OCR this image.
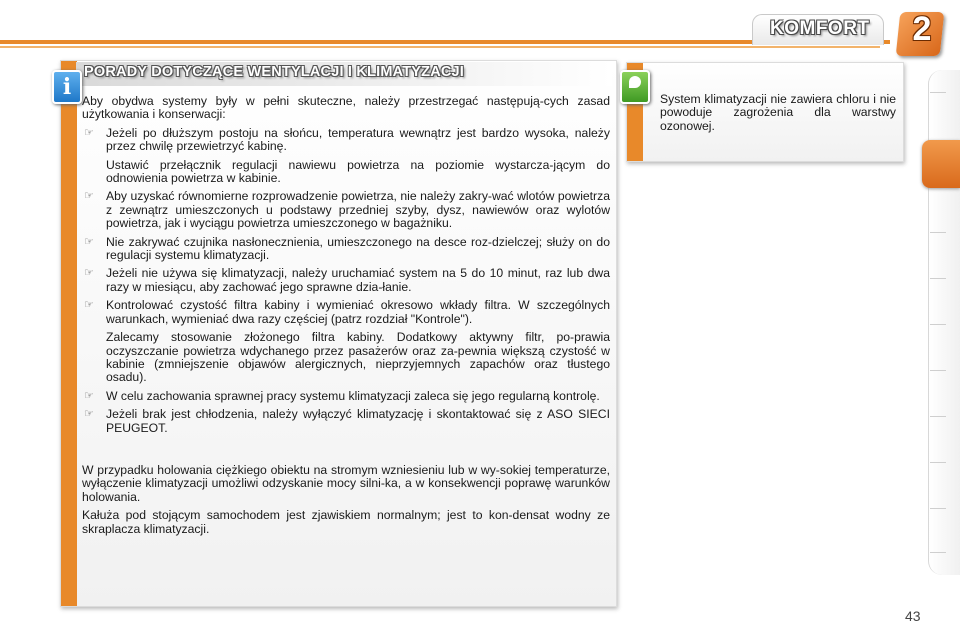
KOMFORT 2
PORADY DOTYCZĄCE WENTYLACJI I KLIMATYZACJI
i

Aby obydwa systemy były w pełni skuteczne, należy przestrzegać następują-cych zasad użytkowania i konserwacji:

☞ Jeżeli po dłuższym postoju na słońcu, temperatura wewnątrz jest bardzo wysoka, należy przez chwilę przewietrzyć kabinę.
Ustawić przełącznik regulacji nawiewu powietrza na poziomie wystarcza-jącym do odnowienia powietrza w kabinie.
☞ Aby uzyskać równomierne rozprowadzenie powietrza, nie należy zakry-wać wlotów powietrza z zewnątrz umieszczonych u podstawy przedniej szyby, dysz, nawiewów oraz wylotów powietrza, jak i wyciągu powietrza umieszczonego w bagażniku.
☞ Nie zakrywać czujnika nasłonecznienia, umieszczonego na desce roz-dzielczej; służy on do regulacji systemu klimatyzacji.
☞ Jeżeli nie używa się klimatyzacji, należy uruchamiać system na 5 do 10 minut, raz lub dwa razy w miesiącu, aby zachować jego sprawne dzia-łanie.
☞ Kontrolować czystość filtra kabiny i wymieniać okresowo wkłady filtra. W szczególnych warunkach, wymieniać dwa razy częściej (patrz rozdział "Kontrole").
Zalecamy stosowanie złożonego filtra kabiny. Dodatkowy aktywny filtr, po-prawia oczyszczanie powietrza wdychanego przez pasażerów oraz za-pewnia większą czystość w kabinie (zmniejszenie objawów alergicznych, nieprzyjemnych zapachów oraz tłustego osadu).
☞ W celu zachowania sprawnej pracy systemu klimatyzacji zaleca się jego regularną kontrolę.
☞ Jeżeli brak jest chłodzenia, należy wyłączyć klimatyzację i skontaktować się z ASO SIECI PEUGEOT.

W przypadku holowania ciężkiego obiektu na stromym wzniesieniu lub w wy-sokiej temperaturze, wyłączenie klimatyzacji umożliwi odzyskanie mocy silni-ka, a w konsekwencji poprawę warunków holowania.

Kałuża pod stojącym samochodem jest zjawiskiem normalnym; jest to kon-densat wodny ze skraplacza klimatyzacji.

System klimatyzacji nie zawiera chloru i nie powoduje zagrożenia dla warstwy ozonowej.
43
